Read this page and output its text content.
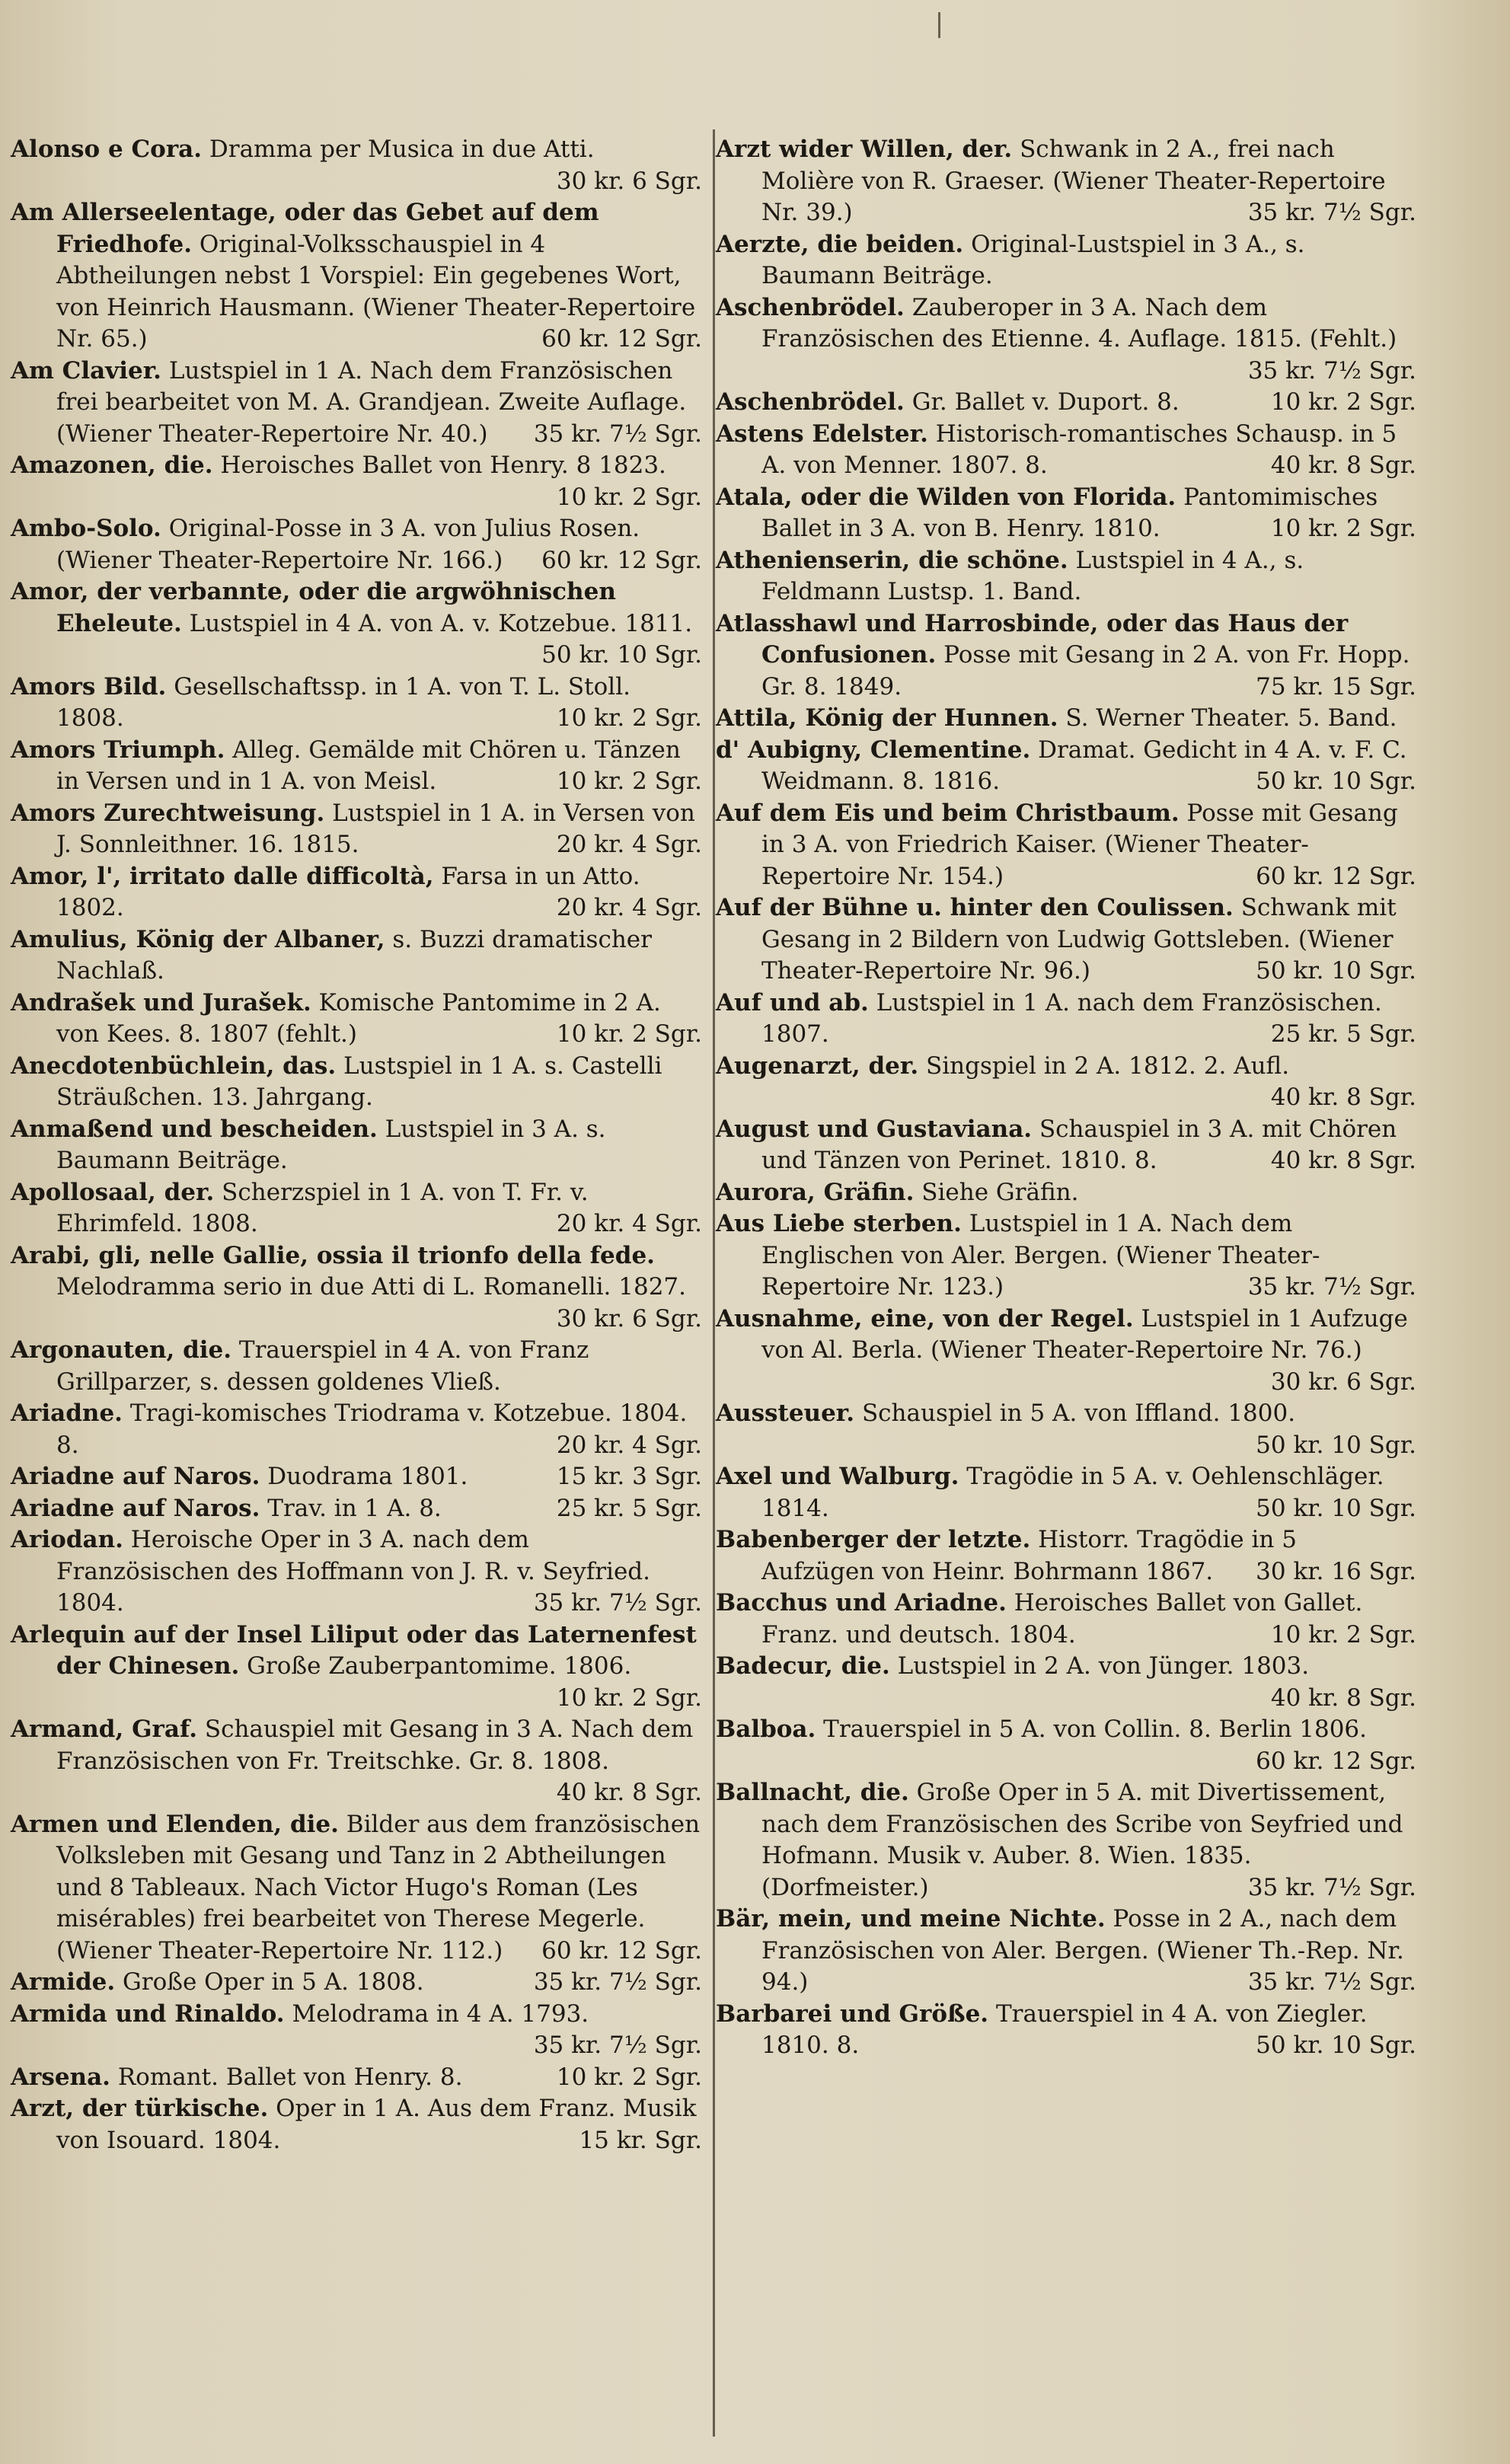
Alonso e Cora. Dramma per Musica in due Atti.
30 kr. 6 Sgr.
Am Allerseelentage, oder das Gebet auf dem Friedhofe. Original-Volksschauspiel in 4 Abtheilungen nebst 1 Vorspiel: Ein gegebenes Wort, von Heinrich Hausmann. (Wiener Theater-Repertoire Nr. 65.)	60 kr. 12 Sgr.
Am Clavier. Lustspiel in 1 A. Nach dem Französischen frei bearbeitet von M. A. Grandjean. Zweite Auflage. (Wiener Theater-Repertoire Nr. 40.)	35 kr. 7½ Sgr.
Amazonen, die. Heroisches Ballet von Henry. 8 1823.
10 kr. 2 Sgr.
Ambo-Solo. Original-Posse in 3 A. von Julius Rosen. (Wiener Theater-Repertoire Nr. 166.)	60 kr. 12 Sgr.
Amor, der verbannte, oder die argwöhnischen Eheleute. Lustspiel in 4 A. von A. v. Kotzebue. 1811.
50 kr. 10 Sgr.
Amors Bild. Gesellschaftssp. in 1 A. von T. L. Stoll. 1808.	10 kr. 2 Sgr.
Amors Triumph. Alleg. Gemälde mit Chören u. Tänzen in Versen und in 1 A. von Meisl.	10 kr. 2 Sgr.
Amors Zurechtweisung. Lustspiel in 1 A. in Versen von J. Sonnleithner. 16. 1815.	20 kr. 4 Sgr.
Amor, l', irritato dalle difficoltà, Farsa in un Atto. 1802.	20 kr. 4 Sgr.
Amulius, König der Albaner, s. Buzzi dramatischer Nachlaß.
Andrašek und Jurašek. Komische Pantomime in 2 A. von Kees. 8. 1807 (fehlt.)	10 kr. 2 Sgr.
Anecdotenbüchlein, das. Lustspiel in 1 A. s. Castelli Sträußchen. 13. Jahrgang.
Anmaßend und bescheiden. Lustspiel in 3 A. s. Baumann Beiträge.
Apollosaal, der. Scherzspiel in 1 A. von T. Fr. v. Ehrimfeld. 1808.	20 kr. 4 Sgr.
Arabi, gli, nelle Gallie, ossia il trionfo della fede. Melodramma serio in due Atti di L. Romanelli. 1827.
30 kr. 6 Sgr.
Argonauten, die. Trauerspiel in 4 A. von Franz Grillparzer, s. dessen goldenes Vließ.
Ariadne. Tragi-komisches Triodrama v. Kotzebue. 1804. 8.	20 kr. 4 Sgr.
Ariadne auf Naros. Duodrama 1801.	15 kr. 3 Sgr.
Ariadne auf Naros. Trav. in 1 A. 8.	25 kr. 5 Sgr.
Ariodan. Heroische Oper in 3 A. nach dem Französischen des Hoffmann von J. R. v. Seyfried. 1804.	35 kr. 7½ Sgr.
Arlequin auf der Insel Liliput oder das Laternenfest der Chinesen. Große Zauberpantomime. 1806.
10 kr. 2 Sgr.
Armand, Graf. Schauspiel mit Gesang in 3 A. Nach dem Französischen von Fr. Treitschke. Gr. 8. 1808.
40 kr. 8 Sgr.
Armen und Elenden, die. Bilder aus dem französischen Volksleben mit Gesang und Tanz in 2 Abtheilungen und 8 Tableaux. Nach Victor Hugo's Roman (Les misérables) frei bearbeitet von Therese Megerle. (Wiener Theater-Repertoire Nr. 112.)	60 kr. 12 Sgr.
Armide. Große Oper in 5 A. 1808.	35 kr. 7½ Sgr.
Armida und Rinaldo. Melodrama in 4 A. 1793.
35 kr. 7½ Sgr.
Arsena. Romant. Ballet von Henry. 8.	10 kr. 2 Sgr.
Arzt, der türkische. Oper in 1 A. Aus dem Franz. Musik von Isouard. 1804.	15 kr. Sgr.
Arzt wider Willen, der. Schwank in 2 A., frei nach Molière von R. Graeser. (Wiener Theater-Repertoire Nr. 39.)	35 kr. 7½ Sgr.
Aerzte, die beiden. Original-Lustspiel in 3 A., s. Baumann Beiträge.
Aschenbrödel. Zauberoper in 3 A. Nach dem Französischen des Etienne. 4. Auflage. 1815. (Fehlt.)
35 kr. 7½ Sgr.
Aschenbrödel. Gr. Ballet v. Duport. 8.	10 kr. 2 Sgr.
Astens Edelster. Historisch-romantisches Schausp. in 5 A. von Menner. 1807. 8.	40 kr. 8 Sgr.
Atala, oder die Wilden von Florida. Pantomimisches Ballet in 3 A. von B. Henry. 1810.	10 kr. 2 Sgr.
Athenienserin, die schöne. Lustspiel in 4 A., s. Feldmann Lustsp. 1. Band.
Atlasshawl und Harrosbinde, oder das Haus der Confusionen. Posse mit Gesang in 2 A. von Fr. Hopp. Gr. 8. 1849.	75 kr. 15 Sgr.
Attila, König der Hunnen. S. Werner Theater. 5. Band.
d' Aubigny, Clementine. Dramat. Gedicht in 4 A. v. F. C. Weidmann. 8. 1816.	50 kr. 10 Sgr.
Auf dem Eis und beim Christbaum. Posse mit Gesang in 3 A. von Friedrich Kaiser. (Wiener Theater-Repertoire Nr. 154.)	60 kr. 12 Sgr.
Auf der Bühne u. hinter den Coulissen. Schwank mit Gesang in 2 Bildern von Ludwig Gottsleben. (Wiener Theater-Repertoire Nr. 96.)	50 kr. 10 Sgr.
Auf und ab. Lustspiel in 1 A. nach dem Französischen. 1807.	25 kr. 5 Sgr.
Augenarzt, der. Singspiel in 2 A. 1812. 2. Aufl.
40 kr. 8 Sgr.
August und Gustaviana. Schauspiel in 3 A. mit Chören und Tänzen von Perinet. 1810. 8.	40 kr. 8 Sgr.
Aurora, Gräfin. Siehe Gräfin.
Aus Liebe sterben. Lustspiel in 1 A. Nach dem Englischen von Aler. Bergen. (Wiener Theater-Repertoire Nr. 123.)	35 kr. 7½ Sgr.
Ausnahme, eine, von der Regel. Lustspiel in 1 Aufzuge von Al. Berla. (Wiener Theater-Repertoire Nr. 76.)
30 kr. 6 Sgr.
Aussteuer. Schauspiel in 5 A. von Iffland. 1800.
50 kr. 10 Sgr.
Axel und Walburg. Tragödie in 5 A. v. Oehlenschläger. 1814.	50 kr. 10 Sgr.
Babenberger der letzte. Historr. Tragödie in 5 Aufzügen von Heinr. Bohrmann 1867.	30 kr. 16 Sgr.
Bacchus und Ariadne. Heroisches Ballet von Gallet. Franz. und deutsch. 1804.	10 kr. 2 Sgr.
Badecur, die. Lustspiel in 2 A. von Jünger. 1803.
40 kr. 8 Sgr.
Balboa. Trauerspiel in 5 A. von Collin. 8. Berlin 1806.
60 kr. 12 Sgr.
Ballnacht, die. Große Oper in 5 A. mit Divertissement, nach dem Französischen des Scribe von Seyfried und Hofmann. Musik v. Auber. 8. Wien. 1835. (Dorfmeister.)	35 kr. 7½ Sgr.
Bär, mein, und meine Nichte. Posse in 2 A., nach dem Französischen von Aler. Bergen. (Wiener Th.-Rep. Nr. 94.)	35 kr. 7½ Sgr.
Barbarei und Größe. Trauerspiel in 4 A. von Ziegler. 1810. 8.	50 kr. 10 Sgr.
